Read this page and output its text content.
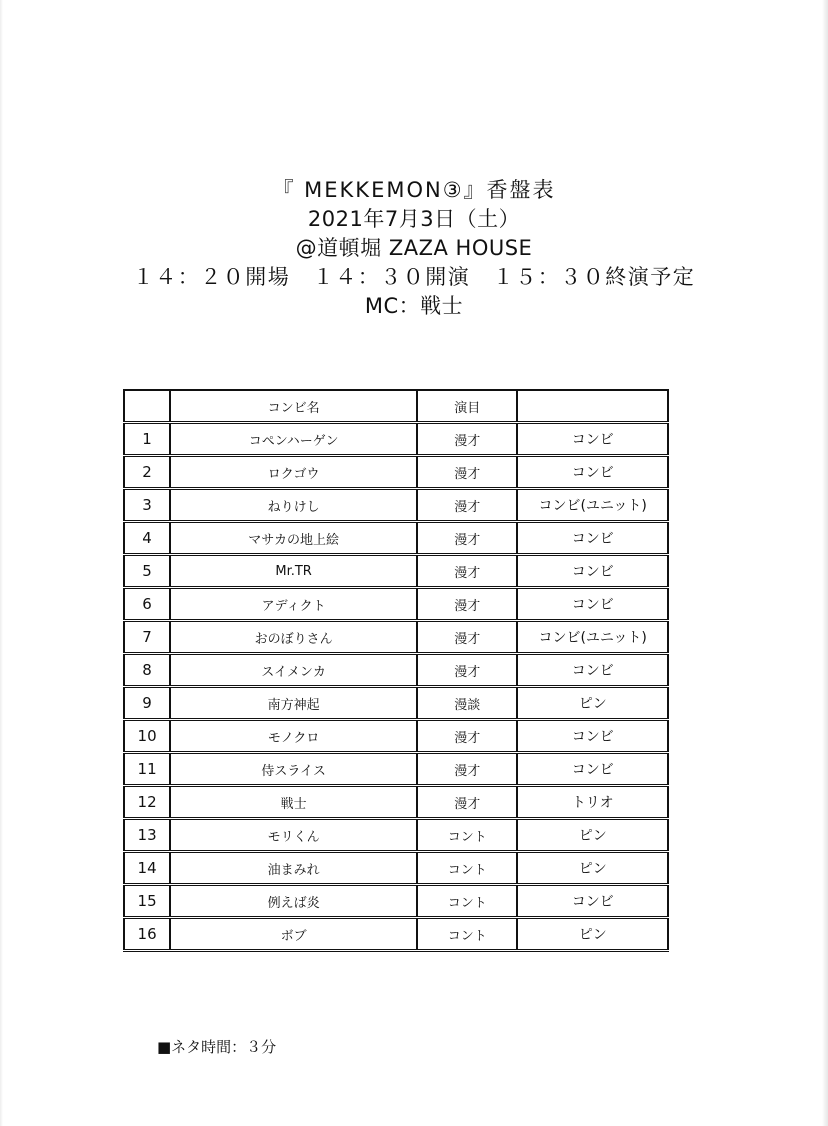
『 MEKKEMON③』香盤表
2021年7月3日（土）
@道頓堀 ZAZA HOUSE
１４：２０開場　１４：３０開演　１５：３０終演予定
MC：戦士
	コンビ名	演目	
1	コペンハーゲン	漫才	コンビ
2	ロクゴウ	漫才	コンビ
3	ねりけし	漫才	コンビ(ユニット)
4	マサカの地上絵	漫才	コンビ
5	Mr.TR	漫才	コンビ
6	アディクト	漫才	コンビ
7	おのぼりさん	漫才	コンビ(ユニット)
8	スイメンカ	漫才	コンビ
9	南方神起	漫談	ピン
10	モノクロ	漫才	コンビ
11	侍スライス	漫才	コンビ
12	戦士	漫才	トリオ
13	モリくん	コント	ピン
14	油まみれ	コント	ピン
15	例えば炎	コント	コンビ
16	ボブ	コント	ピン
■ネタ時間：３分
